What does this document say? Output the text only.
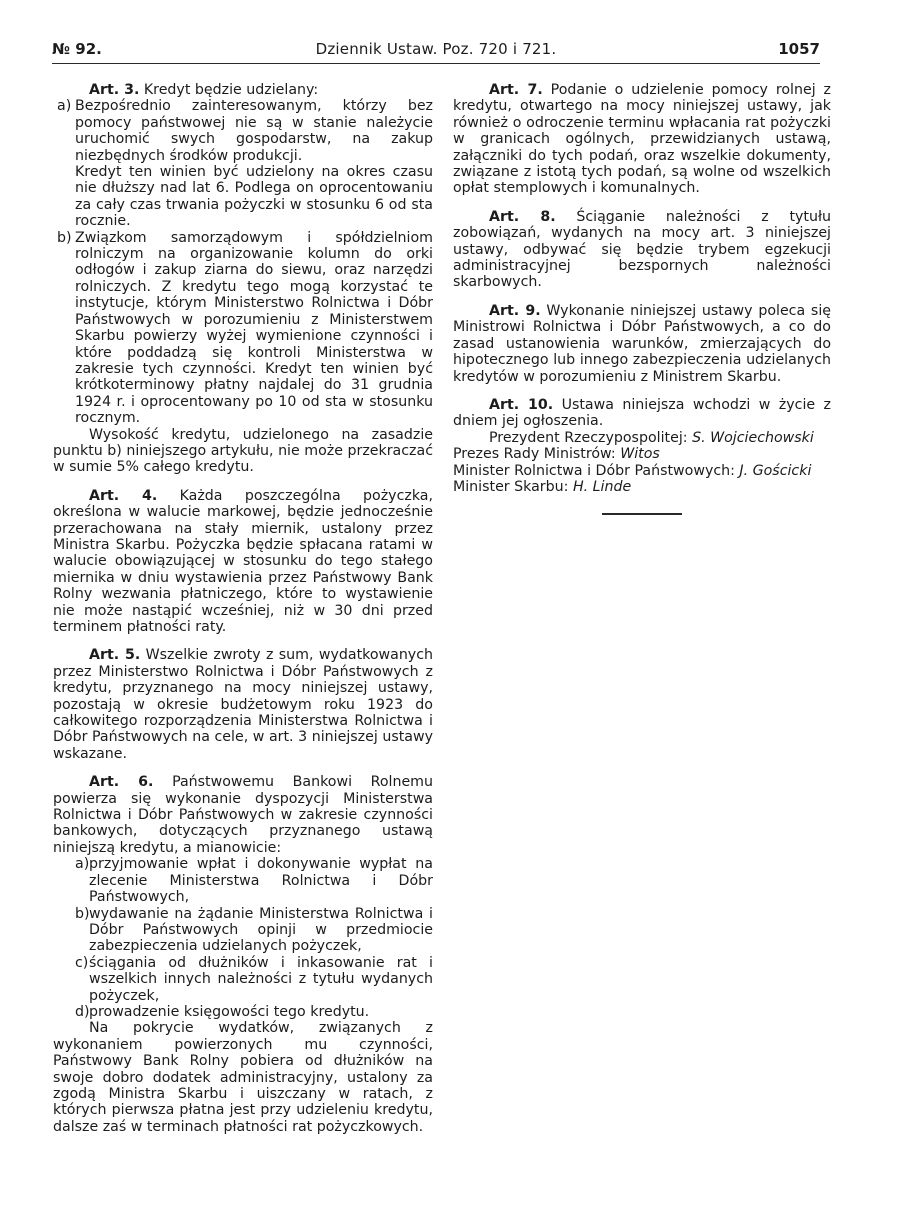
№ 92.	Dziennik Ustaw. Poz. 720 i 721.	1057

Art. 3. Kredyt będzie udzielany:

a) Bezpośrednio zainteresowanym, którzy bez pomocy państwowej nie są w stanie należycie uruchomić swych gospodarstw, na zakup niezbędnych środków produkcji.

Kredyt ten winien być udzielony na okres czasu nie dłuższy nad lat 6. Podlega on oprocentowaniu za cały czas trwania pożyczki w stosunku 6 od sta rocznie.

b) Związkom samorządowym i spółdzielniom rolniczym na organizowanie kolumn do orki odłogów i zakup ziarna do siewu, oraz narzędzi rolniczych. Z kredytu tego mogą korzystać te instytucje, którym Ministerstwo Rolnictwa i Dóbr Państwowych w porozumieniu z Ministerstwem Skarbu powierzy wyżej wymienione czynności i które poddadzą się kontroli Ministerstwa w zakresie tych czynności. Kredyt ten winien być krótkoterminowy płatny najdalej do 31 grudnia 1924 r. i oprocentowany po 10 od sta w stosunku rocznym.

Wysokość kredytu, udzielonego na zasadzie punktu b) niniejszego artykułu, nie może przekraczać w sumie 5% całego kredytu.

Art. 4. Każda poszczególna pożyczka, określona w walucie markowej, będzie jednocześnie przerachowana na stały miernik, ustalony przez Ministra Skarbu. Pożyczka będzie spłacana ratami w walucie obowiązującej w stosunku do tego stałego miernika w dniu wystawienia przez Państwowy Bank Rolny wezwania płatniczego, które to wystawienie nie może nastąpić wcześniej, niż w 30 dni przed terminem płatności raty.

Art. 5. Wszelkie zwroty z sum, wydatkowanych przez Ministerstwo Rolnictwa i Dóbr Państwowych z kredytu, przyznanego na mocy niniejszej ustawy, pozostają w okresie budżetowym roku 1923 do całkowitego rozporządzenia Ministerstwa Rolnictwa i Dóbr Państwowych na cele, w art. 3 niniejszej ustawy wskazane.

Art. 6. Państwowemu Bankowi Rolnemu powierza się wykonanie dyspozycji Ministerstwa Rolnictwa i Dóbr Państwowych w zakresie czynności bankowych, dotyczących przyznanego ustawą niniejszą kredytu, a mianowicie:

a) przyjmowanie wpłat i dokonywanie wypłat na zlecenie Ministerstwa Rolnictwa i Dóbr Państwowych,

b) wydawanie na żądanie Ministerstwa Rolnictwa i Dóbr Państwowych opinji w przedmiocie zabezpieczenia udzielanych pożyczek,

c) ściągania od dłużników i inkasowanie rat i wszelkich innych należności z tytułu wydanych pożyczek,

d) prowadzenie księgowości tego kredytu.

Na pokrycie wydatków, związanych z wykonaniem powierzonych mu czynności, Państwowy Bank Rolny pobiera od dłużników na swoje dobro dodatek administracyjny, ustalony za zgodą Ministra Skarbu i uiszczany w ratach, z których pierwsza płatna jest przy udzieleniu kredytu, dalsze zaś w terminach płatności rat pożyczkowych.

Art. 7. Podanie o udzielenie pomocy rolnej z kredytu, otwartego na mocy niniejszej ustawy, jak również o odroczenie terminu wpłacania rat pożyczki w granicach ogólnych, przewidzianych ustawą, załączniki do tych podań, oraz wszelkie dokumenty, związane z istotą tych podań, są wolne od wszelkich opłat stemplowych i komunalnych.

Art. 8. Ściąganie należności z tytułu zobowiązań, wydanych na mocy art. 3 niniejszej ustawy, odbywać się będzie trybem egzekucji administracyjnej bezspornych należności skarbowych.

Art. 9. Wykonanie niniejszej ustawy poleca się Ministrowi Rolnictwa i Dóbr Państwowych, a co do zasad ustanowienia warunków, zmierzających do hipotecznego lub innego zabezpieczenia udzielanych kredytów w porozumieniu z Ministrem Skarbu.

Art. 10. Ustawa niniejsza wchodzi w życie z dniem jej ogłoszenia.

Prezydent Rzeczypospolitej: S. Wojciechowski

Prezes Rady Ministrów: Witos

Minister Rolnictwa i Dóbr Państwowych: J. Gościcki

Minister Skarbu: H. Linde
